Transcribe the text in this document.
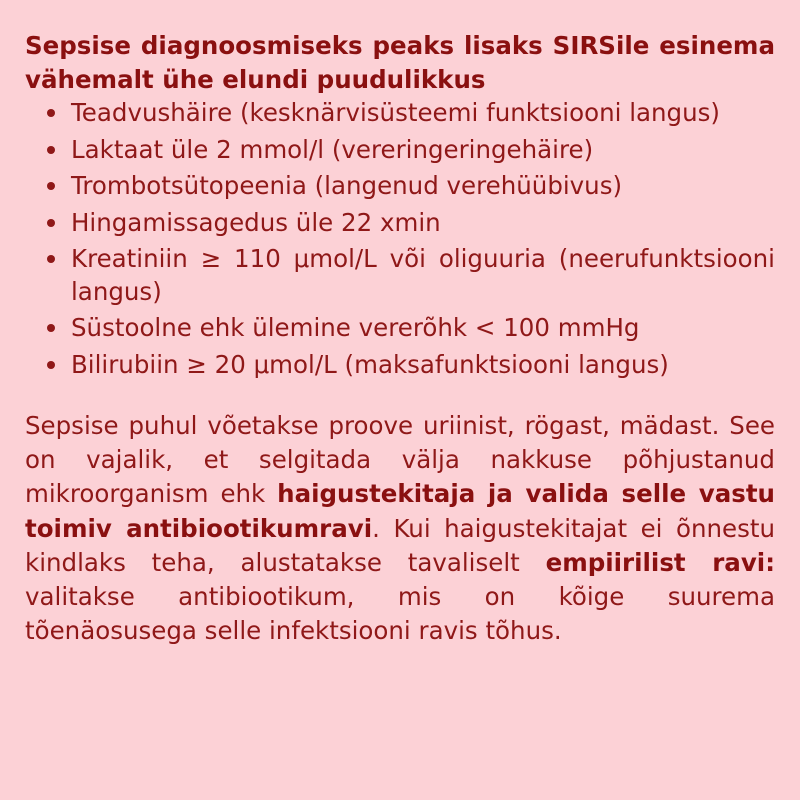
Sepsise diagnoosmiseks peaks lisaks SIRSile esinema vähemalt ühe elundi puudulikkus

Teadvushäire (kesknärvisüsteemi funktsiooni langus)
Laktaat üle 2 mmol/l (vereringeringehäire)
Trombotsütopeenia (langenud verehüübivus)
Hingamissagedus üle 22 xmin
Kreatiniin ≥ 110 μmol/L või oliguuria (neerufunktsiooni langus)
Süstoolne ehk ülemine vererõhk < 100 mmHg
Bilirubiin ≥ 20 μmol/L (maksafunktsiooni langus)

Sepsise puhul võetakse proove uriinist, rögast, mädast. See on vajalik, et selgitada välja nakkuse põhjustanud mikroorganism ehk haigustekitaja ja valida selle vastu toimiv antibiootikumravi. Kui haigustekitajat ei õnnestu kindlaks teha, alustatakse tavaliselt empiirilist ravi: valitakse antibiootikum, mis on kõige suurema tõenäosusega selle infektsiooni ravis tõhus.
